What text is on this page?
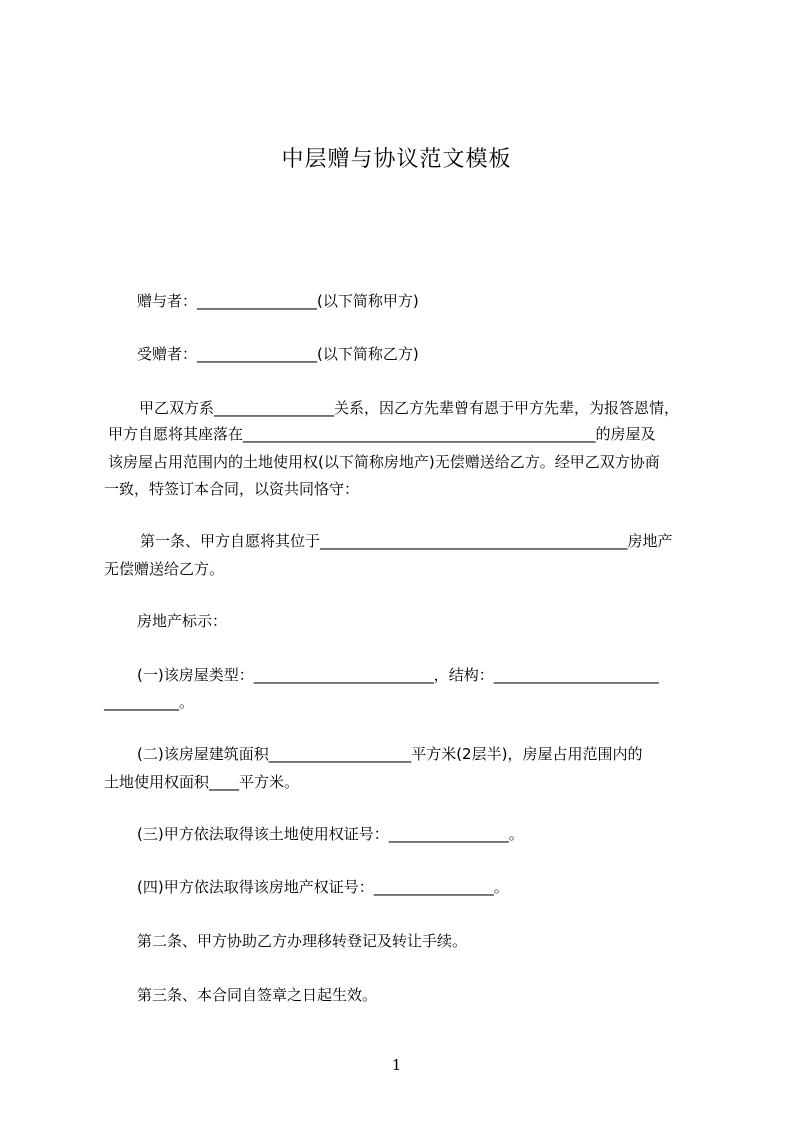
中层赠与协议范文模板
赠与者：________________(以下简称甲方)
受赠者：________________(以下简称乙方)
甲乙双方系________________关系，因乙方先辈曾有恩于甲方先辈，为报答恩情，
甲方自愿将其座落在_______________________________________________的房屋及
该房屋占用范围内的土地使用权(以下简称房地产)无偿赠送给乙方。经甲乙双方协商
一致，特签订本合同，以资共同恪守：
第一条、甲方自愿将其位于_________________________________________房地产
无偿赠送给乙方。
房地产标示：
(一)该房屋类型：________________________，结构：______________________
__________。
(二)该房屋建筑面积___________________平方米(2层半)，房屋占用范围内的
土地使用权面积____平方米。
(三)甲方依法取得该土地使用权证号：________________。
(四)甲方依法取得该房地产权证号：________________。
第二条、甲方协助乙方办理移转登记及转让手续。
第三条、本合同自签章之日起生效。
1
